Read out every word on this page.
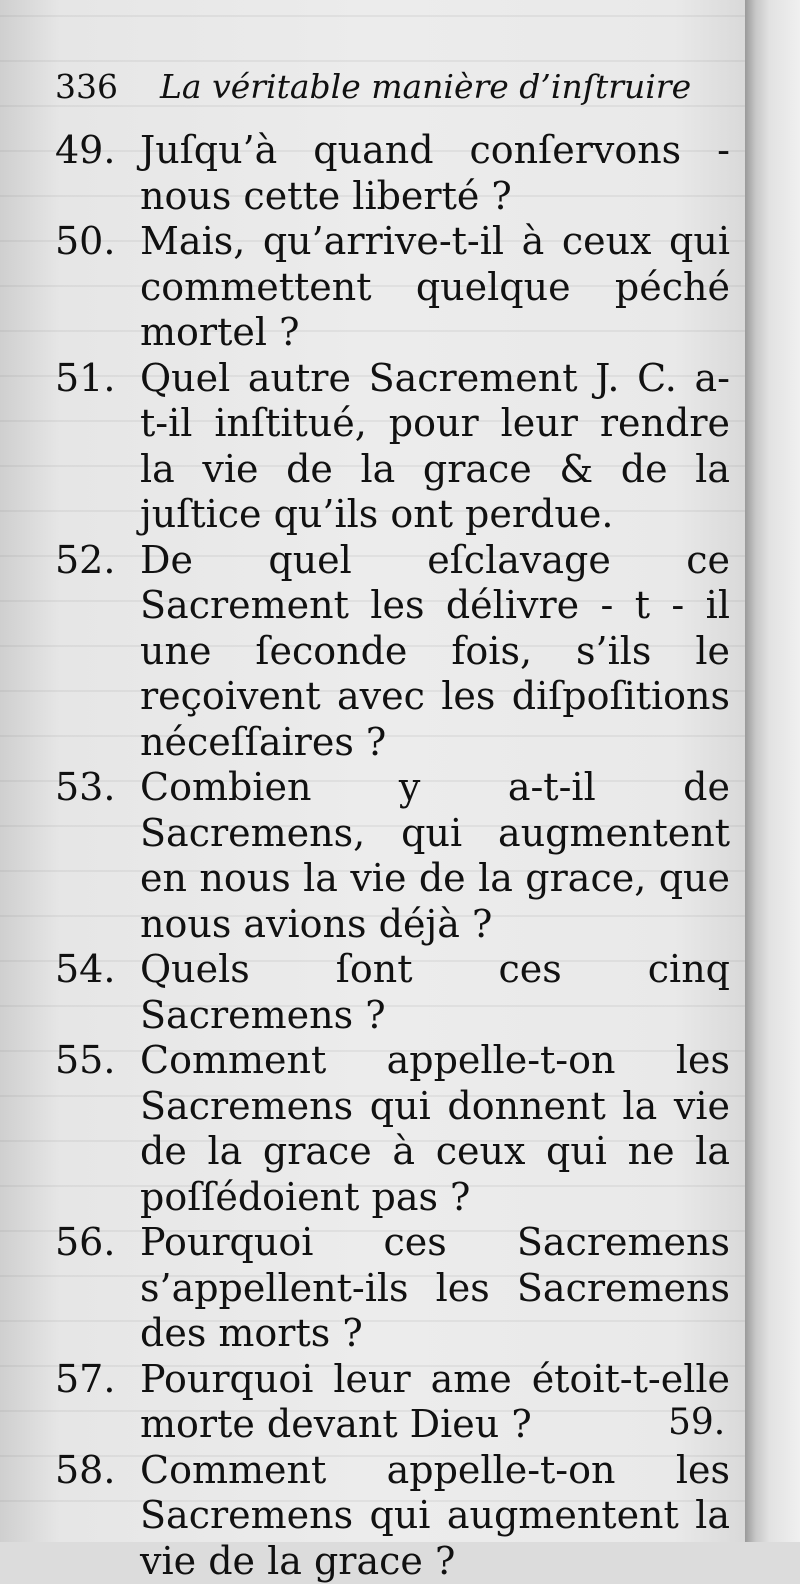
336 La véritable manière d’inſtruire
49. Juſqu’à quand conſervons - nous cette liberté ?
50. Mais, qu’arrive-t-il à ceux qui commettent quelque péché mortel ?
51. Quel autre Sacrement J. C. a-t-il inſtitué, pour leur rendre la vie de la grace & de la juſtice qu’ils ont perdue.
52. De quel eſclavage ce Sacrement les délivre - t - il une ſeconde fois, s’ils le reçoivent avec les diſpoſitions néceſſaires ?
53. Combien y a-t-il de Sacremens, qui augmentent en nous la vie de la grace, que nous avions déjà ?
54. Quels ſont ces cinq Sacremens ?
55. Comment appelle-t-on les Sacremens qui donnent la vie de la grace à ceux qui ne la poſſédoient pas ?
56. Pourquoi ces Sacremens s’appellent-ils les Sacremens des morts ?
57. Pourquoi leur ame étoit-t-elle morte devant Dieu ?
58. Comment appelle-t-on les Sacremens qui augmentent la vie de la grace ?
59.
